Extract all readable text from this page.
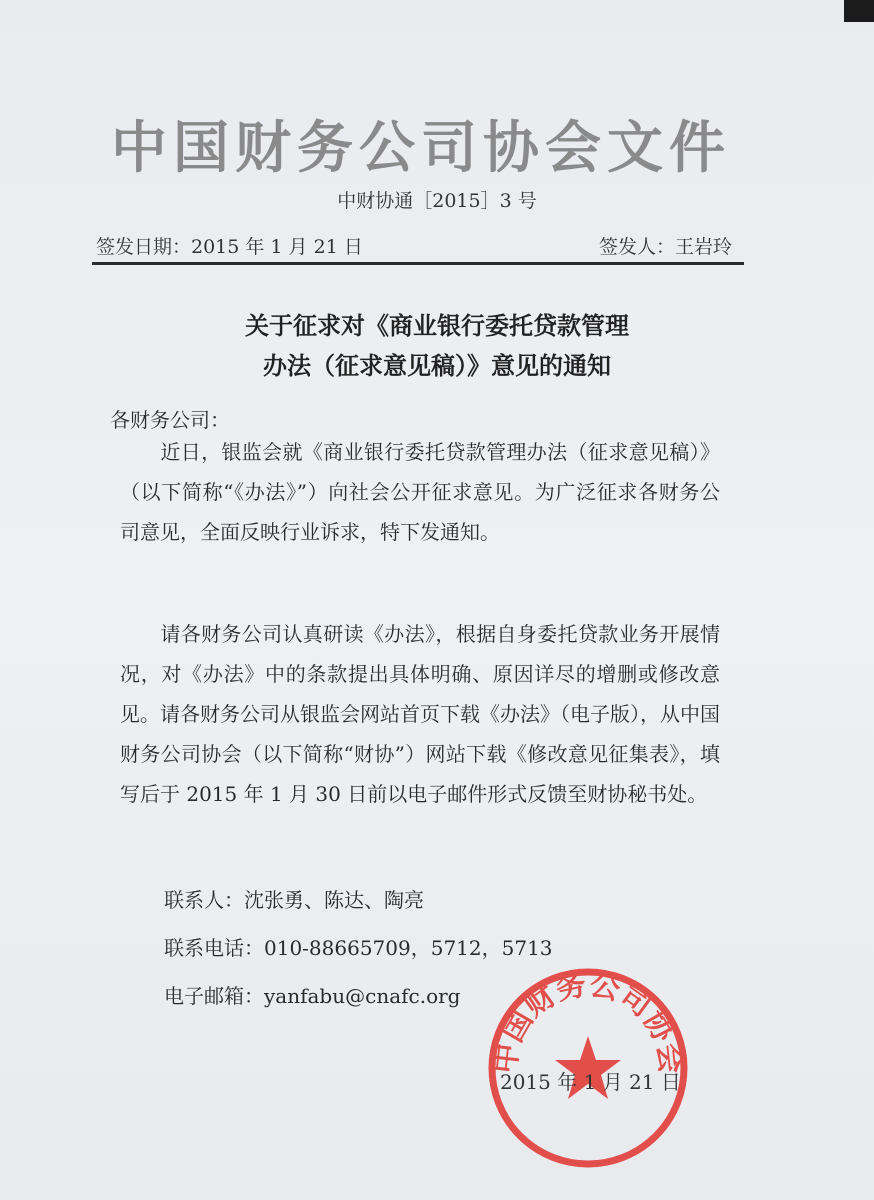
中国财务公司协会文件
中财协通［2015］3 号
签发日期：2015 年 1 月 21 日	签发人：王岩玲
关于征求对《商业银行委托贷款管理
办法（征求意见稿）》意见的通知
各财务公司：
近日，银监会就《商业银行委托贷款管理办法（征求意见稿）》（以下简称“《办法》”）向社会公开征求意见。为广泛征求各财务公司意见，全面反映行业诉求，特下发通知。
请各财务公司认真研读《办法》，根据自身委托贷款业务开展情况，对《办法》中的条款提出具体明确、原因详尽的增删或修改意见。请各财务公司从银监会网站首页下载《办法》（电子版），从中国财务公司协会（以下简称“财协”）网站下载《修改意见征集表》，填写后于 2015 年 1 月 30 日前以电子邮件形式反馈至财协秘书处。
联系人：沈张勇、陈达、陶亮
联系电话：010-88665709，5712，5713
电子邮箱：yanfabu@cnafc.org
中国财务公司协会
2015 年 1 月 21 日
